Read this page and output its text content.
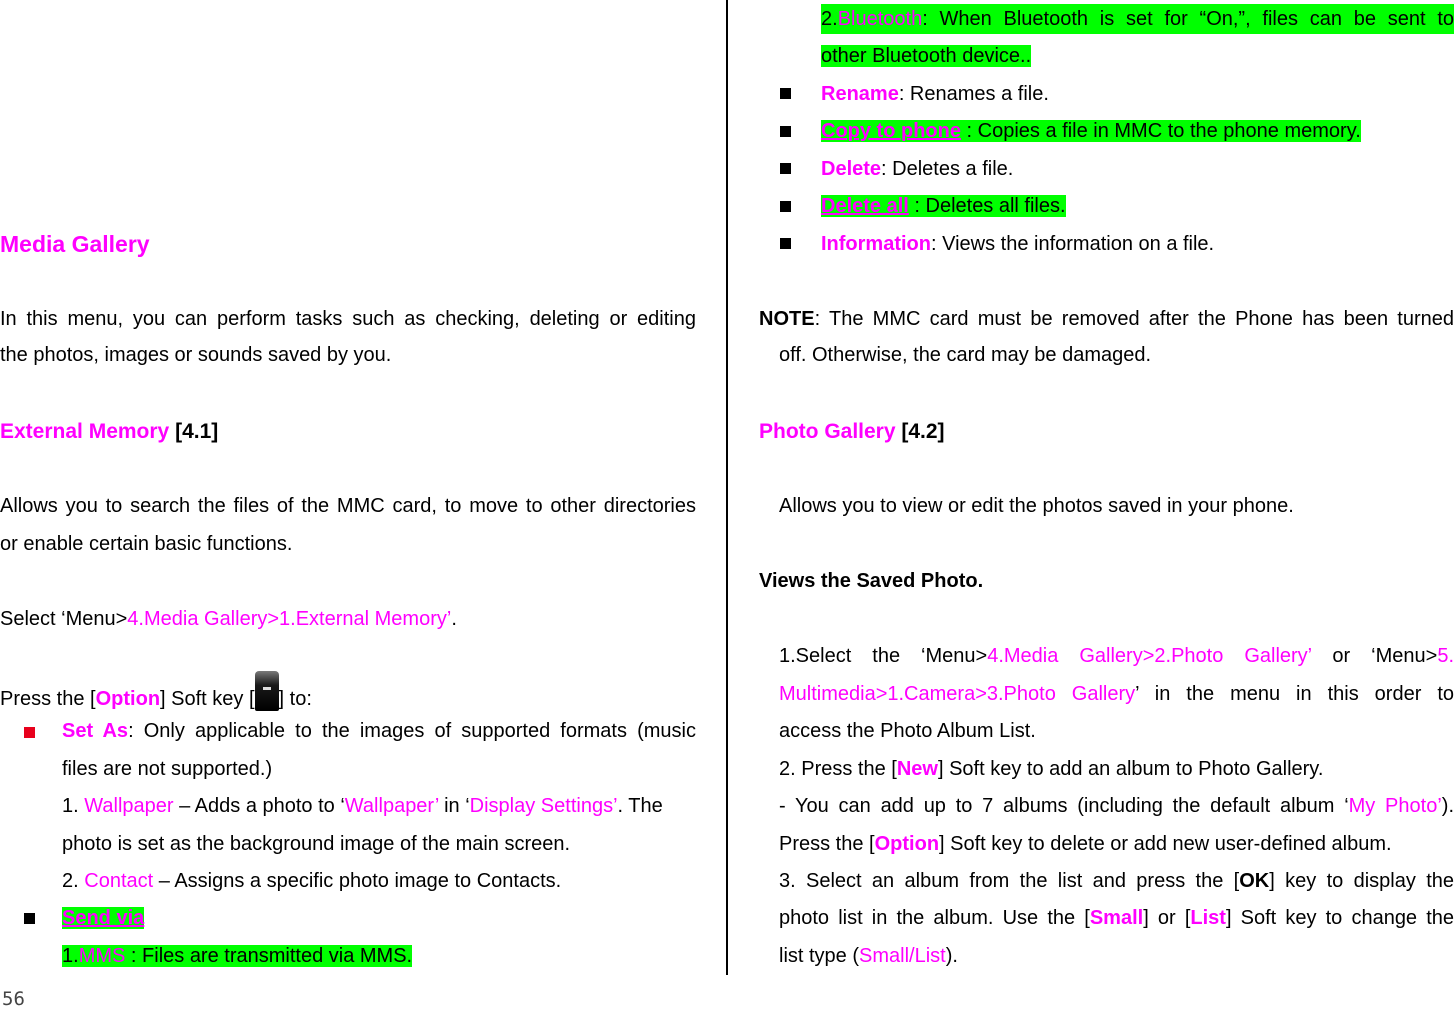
Media Gallery
In this menu, you can perform tasks such as checking, deleting or editing
the photos, images or sounds saved by you.
External Memory [4.1]
Allows you to search the files of the MMC card, to move to other directories
or enable certain basic functions.
Select ‘Menu>4.Media Gallery>1.External Memory’.
Press the [Option] Soft key [ ] to:
Set As: Only applicable to the images of supported formats (music
files are not supported.)
1. Wallpaper – Adds a photo to ‘Wallpaper’ in ‘Display Settings’. The
photo is set as the background image of the main screen.
2. Contact – Assigns a specific photo image to Contacts.
Send via
1.MMS : Files are transmitted via MMS.
2.Bluetooth: When Bluetooth is set for “On,”, files can be sent to
other Bluetooth device..
Rename: Renames a file.
Copy to phone : Copies a file in MMC to the phone memory.
Delete: Deletes a file.
Delete all : Deletes all files.
Information: Views the information on a file.
NOTE: The MMC card must be removed after the Phone has been turned
off. Otherwise, the card may be damaged.
Photo Gallery [4.2]
Allows you to view or edit the photos saved in your phone.
Views the Saved Photo.
1.Select  the  ‘Menu>4.Media  Gallery>2.Photo  Gallery’  or  ‘Menu>5.
Multimedia>1.Camera>3.Photo  Gallery’  in  the  menu  in  this  order  to
access the Photo Album List.
2. Press the [New] Soft key to add an album to Photo Gallery.
- You can add up to 7 albums (including the default album ‘My Photo’).
Press the [Option] Soft key to delete or add new user-defined album.
3. Select an album from the list and press the [OK] key to display the
photo list in the album. Use the [Small] or [List] Soft key to change the
list type (Small/List).
56
